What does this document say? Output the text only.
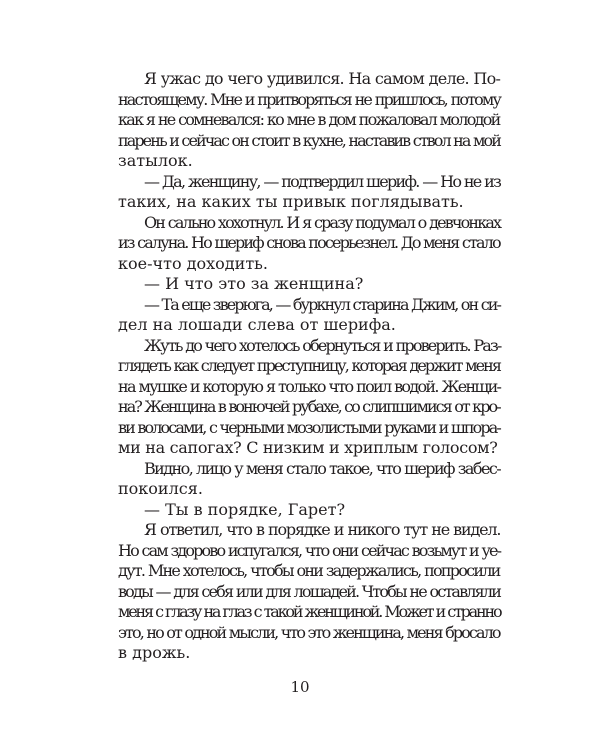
Я ужас до чего удивился. На самом деле. По-
настоящему. Мне и притворяться не пришлось, потому
как я не сомневался: ко мне в дом пожаловал молодой
парень и сейчас он стоит в кухне, наставив ствол на мой
затылок.
— Да, женщину, — подтвердил шериф. — Но не из
таких, на каких ты привык поглядывать.
Он сально хохотнул. И я сразу подумал о девчонках
из салуна. Но шериф снова посерьезнел. До меня стало
кое-что доходить.
— И что это за женщина?
— Та еще зверюга, — буркнул старина Джим, он си-
дел на лошади слева от шерифа.
Жуть до чего хотелось обернуться и проверить. Раз-
глядеть как следует преступницу, которая держит меня
на мушке и которую я только что поил водой. Женщи-
на? Женщина в вонючей рубахе, со слипшимися от кро-
ви волосами, с черными мозолистыми руками и шпора-
ми на сапогах? С низким и хриплым голосом?
Видно, лицо у меня стало такое, что шериф забес-
покоился.
— Ты в порядке, Гарет?
Я ответил, что в порядке и никого тут не видел.
Но сам здорово испугался, что они сейчас возьмут и уе-
дут. Мне хотелось, чтобы они задержались, попросили
воды — для себя или для лошадей. Чтобы не оставляли
меня с глазу на глаз с такой женщиной. Может и странно
это, но от одной мысли, что это женщина, меня бросало
в дрожь.
10
